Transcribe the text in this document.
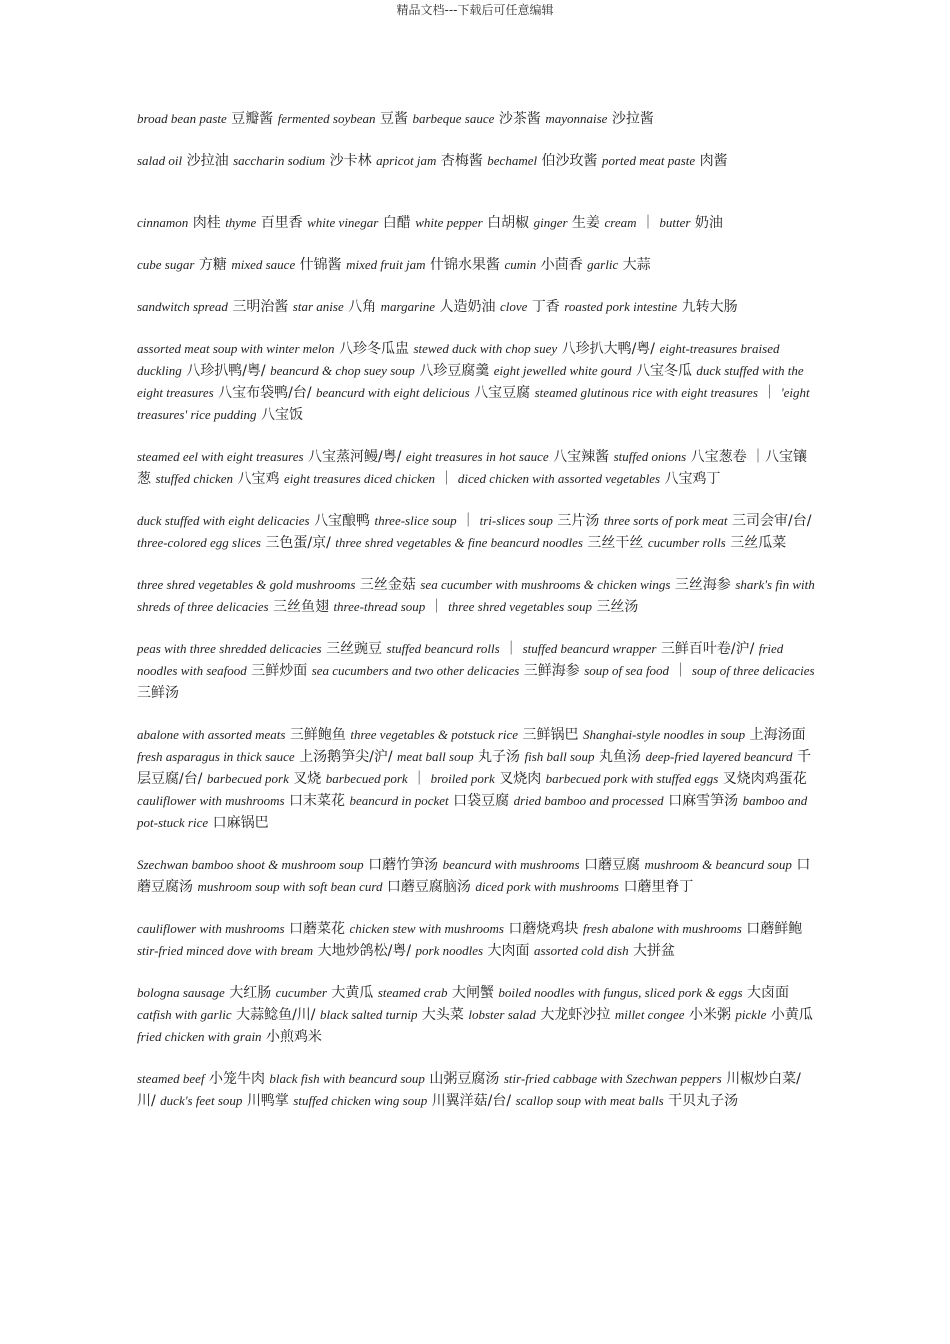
精品文档---下载后可任意编辑

broad bean paste 豆瓣酱 fermented soybean 豆酱 barbeque sauce 沙茶酱 mayonnaise 沙拉酱

salad oil 沙拉油 saccharin sodium 沙卡林 apricot jam 杏梅酱 bechamel 伯沙玫酱 ported meat paste 肉酱

cinnamon 肉桂 thyme 百里香 white vinegar 白醋 white pepper 白胡椒 ginger 生姜 cream ｜ butter 奶油

cube sugar 方糖 mixed sauce 什锦酱 mixed fruit jam 什锦水果酱 cumin 小茴香 garlic 大蒜

sandwitch spread 三明治酱 star anise 八角 margarine 人造奶油 clove 丁香 roasted pork intestine 九转大肠

assorted meat soup with winter melon 八珍冬瓜盅 stewed duck with chop suey 八珍扒大鸭/粤/ eight-treasures braised duckling 八珍扒鸭/粤/ beancurd & chop suey soup 八珍豆腐羹 eight jewelled white gourd 八宝冬瓜 duck stuffed with the eight treasures 八宝布袋鸭/台/ beancurd with eight delicious 八宝豆腐 steamed glutinous rice with eight treasures ｜ 'eight treasures' rice pudding 八宝饭

steamed eel with eight treasures 八宝蒸河鳗/粤/ eight treasures in hot sauce 八宝辣酱 stuffed onions 八宝葱卷 ｜八宝镶葱 stuffed chicken 八宝鸡 eight treasures diced chicken ｜ diced chicken with assorted vegetables 八宝鸡丁

duck stuffed with eight delicacies 八宝酿鸭 three-slice soup ｜ tri-slices soup 三片汤 three sorts of pork meat 三司会审/台/ three-colored egg slices 三色蛋/京/ three shred vegetables & fine beancurd noodles 三丝干丝 cucumber rolls 三丝瓜菜

three shred vegetables & gold mushrooms 三丝金菇 sea cucumber with mushrooms & chicken wings 三丝海参 shark's fin with shreds of three delicacies 三丝鱼翅 three-thread soup ｜ three shred vegetables soup 三丝汤

peas with three shredded delicacies 三丝豌豆 stuffed beancurd rolls ｜ stuffed beancurd wrapper 三鲜百叶卷/沪/ fried noodles with seafood 三鲜炒面 sea cucumbers and two other delicacies 三鲜海参 soup of sea food ｜ soup of three delicacies 三鲜汤

abalone with assorted meats 三鲜鲍鱼 three vegetables & potstuck rice 三鲜锅巴 Shanghai-style noodles in soup 上海汤面 fresh asparagus in thick sauce 上汤鹅笋尖/沪/ meat ball soup 丸子汤 fish ball soup 丸鱼汤 deep-fried layered beancurd 千层豆腐/台/ barbecued pork 叉烧 barbecued pork ｜ broiled pork 叉烧肉 barbecued pork with stuffed eggs 叉烧肉鸡蛋花 cauliflower with mushrooms 口末菜花 beancurd in pocket 口袋豆腐 dried bamboo and processed 口麻雪笋汤 bamboo and pot-stuck rice 口麻锅巴

Szechwan bamboo shoot & mushroom soup 口蘑竹笋汤 beancurd with mushrooms 口蘑豆腐 mushroom & beancurd soup 口蘑豆腐汤 mushroom soup with soft bean curd 口蘑豆腐脑汤 diced pork with mushrooms 口蘑里脊丁

cauliflower with mushrooms 口蘑菜花 chicken stew with mushrooms 口蘑烧鸡块 fresh abalone with mushrooms 口蘑鲜鲍 stir-fried minced dove with bream 大地炒鸽松/粤/ pork noodles 大肉面 assorted cold dish 大拼盆

bologna sausage 大红肠 cucumber 大黄瓜 steamed crab 大闸蟹 boiled noodles with fungus, sliced pork & eggs 大卤面 catfish with garlic 大蒜鲶鱼/川/ black salted turnip 大头菜 lobster salad 大龙虾沙拉 millet congee 小米粥 pickle 小黄瓜 fried chicken with grain 小煎鸡米

steamed beef 小笼牛肉 black fish with beancurd soup 山粥豆腐汤 stir-fried cabbage with Szechwan peppers 川椒炒白菜/川/ duck's feet soup 川鸭掌 stuffed chicken wing soup 川翼洋菇/台/ scallop soup with meat balls 干贝丸子汤
